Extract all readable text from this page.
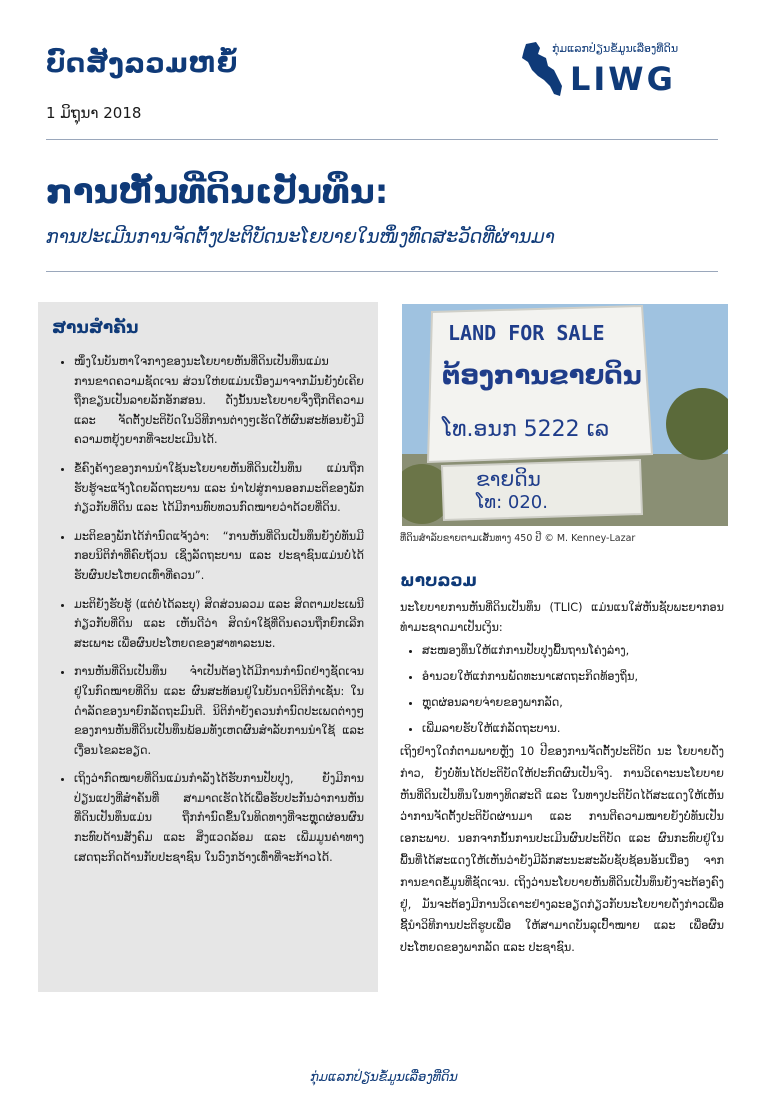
ບົດສັງລວມຫຍໍ້

1 ມິຖຸນາ 2018

ກຸ່ມແລກປ່ຽນຂໍ້ມູນເລື່ອງທີ່ດິນ
LIWG
ການຫັນທີ່ດິນເປັນທຶນ:

ການປະເມີນການຈັດຕັ້ງປະຕິບັດນະໂຍບາຍໃນໜຶ່ງທົດສະວັດທີ່ຜ່ານມາ

ສານສຳຄັນ
• ໜຶ່ງໃນບັນຫາໃຈກາງຂອງນະໂຍບາຍຫັນທີ່ດິນເປັນທຶນແມ່ນການຂາດຄວາມຊັດເຈນ ສ່ວນໃຫ່ຍແມ່ນເນື່ອງມາຈາກມັນຍັງບໍ່ເຄີຍຖືກຂຽນເປັນລາຍລັກອັກສອນ. ດັ່ງນັ້ນນະໂຍບາຍຈຶ່ງຖືກຕີຄວາມ ແລະ ຈັດຕັ້ງປະຕິບັດໃນວິທີການຕ່າງໆເຮັດໃຫ້ຜົນສະທ້ອນຍັງມີຄວາມຫຍຸ້ງຍາກທີ່ຈະປະເມີນໄດ້.
• ຂໍ້ຄົງຄ້າງຂອງການນຳໃຊ້ນະໂຍບາຍຫັນທີ່ດິນເປັນທຶນ ແມ່ນຖືກຮັບຮູ້ຈະແຈ້ງໂດຍລັດຖະບານ ແລະ ນຳໄປສູ່ການອອກມະຕິຂອງພັກກ່ຽວກັບທີ່ດິນ ແລະ ໄດ້ມີການທົບທວນກົດໝາຍວ່າດ້ວຍທີ່ດິນ.
• ມະຕິຂອງພັກໄດ້ກຳນົດແຈ້ງວ່າ: “ການຫັນທີ່ດິນເປັນທຶນຍັງບໍ່ທັນມີກອບນິຕິກຳທີ່ຄົບຖ້ວນ ເຊິ່ງລັດຖະບານ ແລະ ປະຊາຊົນແມ່ນບໍ່ໄດ້ຮັບຜົນປະໂຫຍດເທົ່າທີ່ຄວນ”.
• ມະຕິຍັງຮັບຮູ້ (ແຕ່ບໍ່ໄດ້ລະບຸ) ສິດສ່ວນລວມ ແລະ ສິດຕາມປະເພນີກ່ຽວກັບທີ່ດິນ ແລະ ເຫັນດີວ່າ ສິດນຳໃຊ້ທີ່ດິນຄວນຖືກຍົກເລີກສະເພາະ ເພື່ອຜົນປະໂຫຍດຂອງສາທາລະນະ.
• ການຫັນທີ່ດິນເປັນທຶນ ຈຳເປັນຕ້ອງໄດ້ມີການກຳນົດຢ່າງຊັດເຈນຢູ່ໃນກົດໝາຍທີ່ດິນ ແລະ ຜົນສະທ້ອນຢູ່ໃນບັນດານິຕິກຳເຊັ່ນ: ໃນດຳລັດຂອງນາຍົກລັດຖະມົນຕີ. ນິຕິກຳຍັງຄວນກຳນົດປະເພດຕ່າງໆ ຂອງການຫັນທີ່ດິນເປັນທຶນພ້ອມທັງເຫດຜົນສຳລັບການນຳໃຊ້ ແລະ ເງື່ອນໄຂລະອຽດ.
• ເຖິງວ່າກົດໝາຍທີ່ດິນແມ່ນກຳລັງໄດ້ຮັບການປັບປຸງ, ຍັງມີການປ່ຽນແປງທີ່ສຳຄັນທີ່ ສາມາດເຮັດໄດ້ເພື່ອຮັບປະກັນວ່າການຫັນທີ່ດິນເປັນທຶນແມ່ນ ຖືກກຳນົດຂຶ້ນໃນທິດທາງທີ່ຈະຫຼຸດຜ່ອນຜົນກະທົບດ້ານສັງຄົມ ແລະ ສິ່ງແວດລ້ອມ ແລະ ເພີ່ມມູນຄ່າທາງເສດຖະກິດດ້ານກັບປະຊາຊົນ ໃນວົງກວ້າງເທົ່າທີ່ຈະກ້າວໄດ້.
LAND FOR SALE
ຕ້ອງການຂາຍດິນ
ໂທ.ອນກ 5222 ເລ
ຂາຍດິນ
ໂທ: 020.

ທີ່ດິນສຳລັບຂາຍຕາມເສັ້ນທາງ 450 ປີ © M. Kenney-Lazar

ພາບລວມ

ນະໂຍບາຍການຫັນທີ່ດິນເປັນທຶນ (TLIC) ແມ່ນແນໃສ່ຫັນຊັບພະຍາກອນທຳມະຊາດມາເປັນເງິນ:

• ສະໜອງທຶນໃຫ້ແກ່ການປັບປຸງພື້ນຖານໂຄ່ງລ່າງ,
• ອຳນວຍໃຫ້ແກ່ການພັດທະນາເສດຖະກິດທ້ອງຖິ່ນ,
• ຫຼຸດຜ່ອນລາຍຈ່າຍຂອງພາກລັດ,
• ເພີ່ມລາຍຮັບໃຫ້ແກ່ລັດຖະບານ.

ເຖິງຢ່າງໃດກໍ່ຕາມພາຍຫຼັງ 10 ປີຂອງການຈັດຕັ້ງປະຕິບັດ ນະ ໂຍບາຍດັ່ງກ່າວ, ຍັງບໍ່ທັນໄດ້ປະຕິບັດໃຫ້ປະກົດຜົນເປັນຈິງ. ການວິເຄາະນະໂຍບາຍຫັນທີ່ດິນເປັນທຶນໃນທາງທິດສະດີ ແລະ ໃນທາງປະຕິບັດໄດ້ສະແດງໃຫ້ເຫັນວ່າການຈັດຕັ້ງປະຕິບັດຜ່ານມາ ແລະ ການຕີຄວາມໝາຍຍັງບໍ່ທັນເປັນເອກະພາບ. ນອກຈາກນັ້ນການປະເມີນຜົນປະຕິບັດ ແລະ ຜົນກະທົບຢູ່ໃນພື້ນທີ່ໄດ້ສະແດງໃຫ້ເຫັນວ່າຍັງມີລັກສະນະສະລັບຊັບຊ້ອນອັນເນື່ອງ ຈາກການຂາດຂໍ້ມູນທີ່ຊັດເຈນ. ເຖິງວ່ານະໂຍບາຍຫັນທີ່ດິນເປັນທຶນຍັງຈະຕ້ອງຄົງຢູ່, ມັນຈະຕ້ອງມີການວິເຄາະຢ່າງລະອຽດກ່ຽວກັບນະໂຍບາຍດັ່ງກ່າວເພື່ອຊີ້ນຳວິທີການປະຕິຮູບເພື່ອ ໃຫ້ສາມາດບັນລຸເປົ້າໝາຍ ແລະ ເພື່ອຜົນປະໂຫຍດຂອງພາກລັດ ແລະ ປະຊາຊົນ.

ກຸ່ມແລກປ່ຽນຂໍ້ມູນເລື່ອງທີ່ດິນ
